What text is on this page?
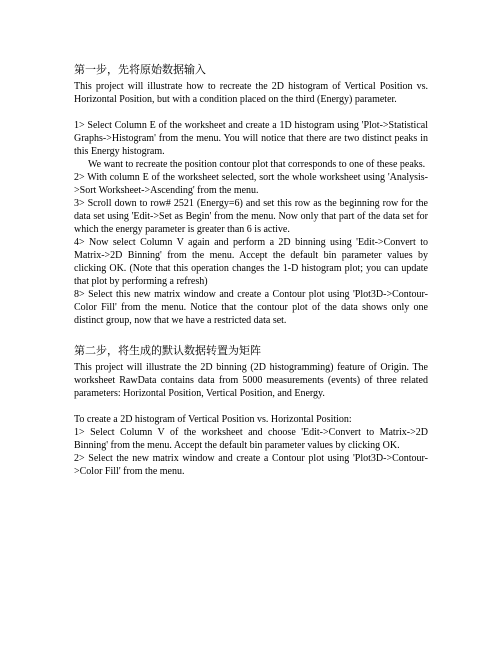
第一步，先将原始数据输入

This project will illustrate how to recreate the 2D histogram of Vertical Position vs. Horizontal Position, but with a condition placed on the third (Energy) parameter.

1> Select Column E of the worksheet and create a 1D histogram using 'Plot->Statistical Graphs->Histogram' from the menu. You will notice that there are two distinct peaks in this Energy histogram.

We want to recreate the position contour plot that corresponds to one of these peaks.

2> With column E of the worksheet selected, sort the whole worksheet using 'Analysis->Sort Worksheet->Ascending' from the menu.

3> Scroll down to row# 2521 (Energy=6) and set this row as the beginning row for the data set using 'Edit->Set as Begin' from the menu. Now only that part of the data set for which the energy parameter is greater than 6 is active.

4> Now select Column V again and perform a 2D binning using 'Edit->Convert to Matrix->2D Binning' from the menu. Accept the default bin parameter values by clicking OK. (Note that this operation changes the 1-D histogram plot; you can update that plot by performing a refresh)

8> Select this new matrix window and create a Contour plot using 'Plot3D->Contour-Color Fill' from the menu. Notice that the contour plot of the data shows only one distinct group, now that we have a restricted data set.

第二步，将生成的默认数据转置为矩阵

This project will illustrate the 2D binning (2D histogramming) feature of Origin. The worksheet RawData contains data from 5000 measurements (events) of three related parameters: Horizontal Position, Vertical Position, and Energy.

To create a 2D histogram of Vertical Position vs. Horizontal Position:

1> Select Column V of the worksheet and choose 'Edit->Convert to Matrix->2D Binning' from the menu. Accept the default bin parameter values by clicking OK.

2> Select the new matrix window and create a Contour plot using 'Plot3D->Contour->Color Fill' from the menu.
